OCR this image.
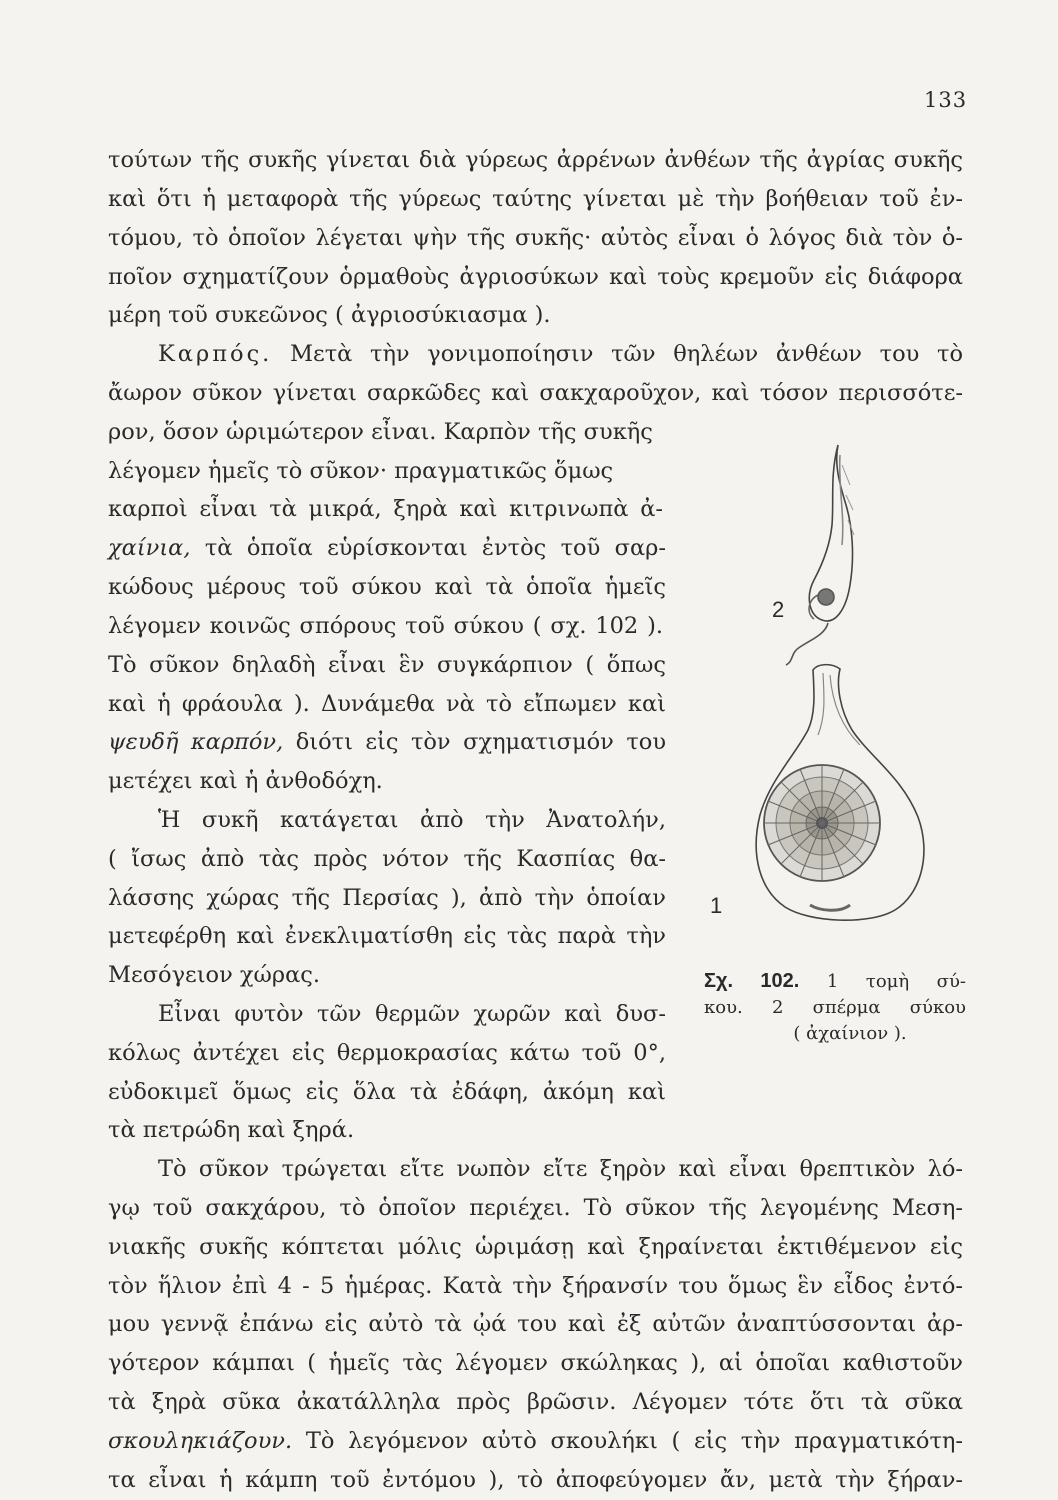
133
τούτων τῆς συκῆς γίνεται διὰ γύρεως ἀρρένων ἀνθέων τῆς ἀγρίας συκῆς
καὶ ὅτι ἡ μεταφορὰ τῆς γύρεως ταύτης γίνεται μὲ τὴν βοήθειαν τοῦ ἐν-
τόμου, τὸ ὁποῖον λέγεται ψὴν τῆς συκῆς· αὐτὸς εἶναι ὁ λόγος διὰ τὸν ὁ-
ποῖον σχηματίζουν ὁρμαθοὺς ἀγριοσύκων καὶ τοὺς κρεμοῦν εἰς διάφορα
μέρη τοῦ συκεῶνος ( ἀγριοσύκιασμα ).
Καρπός. Μετὰ τὴν γονιμοποίησιν τῶν θηλέων ἀνθέων του τὸ
ἄωρον σῦκον γίνεται σαρκῶδες καὶ σακχαροῦχον, καὶ τόσον περισσότε-
ρον, ὅσον ὡριμώτερον εἶναι. Καρπὸν τῆς συκῆς
λέγομεν ἡμεῖς τὸ σῦκον· πραγματικῶς ὅμως
καρποὶ εἶναι τὰ μικρά, ξηρὰ καὶ κιτρινωπὰ ἀ-
χαίνια, τὰ ὁποῖα εὑρίσκονται ἐντὸς τοῦ σαρ-
κώδους μέρους τοῦ σύκου καὶ τὰ ὁποῖα ἡμεῖς
λέγομεν κοινῶς σπόρους τοῦ σύκου ( σχ. 102 ).
Τὸ σῦκον δηλαδὴ εἶναι ἓν συγκάρπιον ( ὅπως
καὶ ἡ φράουλα ). Δυνάμεθα νὰ τὸ εἴπωμεν καὶ
ψευδῆ καρπόν, διότι εἰς τὸν σχηματισμόν του
μετέχει καὶ ἡ ἀνθοδόχη.
Ἡ συκῆ κατάγεται ἀπὸ τὴν Ἀνατολήν,
( ἴσως ἀπὸ τὰς πρὸς νότον τῆς Κασπίας θα-
λάσσης χώρας τῆς Περσίας ), ἀπὸ τὴν ὁποίαν
μετεφέρθη καὶ ἐνεκλιματίσθη εἰς τὰς παρὰ τὴν
Μεσόγειον χώρας.
Εἶναι φυτὸν τῶν θερμῶν χωρῶν καὶ δυσ-
κόλως ἀντέχει εἰς θερμοκρασίας κάτω τοῦ 0°,
εὐδοκιμεῖ ὅμως εἰς ὅλα τὰ ἐδάφη, ἀκόμη καὶ
τὰ πετρώδη καὶ ξηρά.
Τὸ σῦκον τρώγεται εἴτε νωπὸν εἴτε ξηρὸν καὶ εἶναι θρεπτικὸν λό-
γῳ τοῦ σακχάρου, τὸ ὁποῖον περιέχει. Τὸ σῦκον τῆς λεγομένης Μεση-
νιακῆς συκῆς κόπτεται μόλις ὡριμάσῃ καὶ ξηραίνεται ἐκτιθέμενον εἰς
τὸν ἥλιον ἐπὶ 4 - 5 ἡμέρας. Κατὰ τὴν ξήρανσίν του ὅμως ἓν εἶδος ἐντό-
μου γεννᾷ ἐπάνω εἰς αὐτὸ τὰ ᾠά του καὶ ἐξ αὐτῶν ἀναπτύσσονται ἀρ-
γότερον κάμπαι ( ἡμεῖς τὰς λέγομεν σκώληκας ), αἱ ὁποῖαι καθιστοῦν
τὰ ξηρὰ σῦκα ἀκατάλληλα πρὸς βρῶσιν. Λέγομεν τότε ὅτι τὰ σῦκα
σκουληκιάζουν. Τὸ λεγόμενον αὐτὸ σκουλήκι ( εἰς τὴν πραγματικότη-
τα εἶναι ἡ κάμπη τοῦ ἐντόμου ), τὸ ἀποφεύγομεν ἄν, μετὰ τὴν ξήραν-
2
1
Σχ. 102. 1 τομὴ σύ-
κου. 2 σπέρμα σύκου
( ἀχαίνιον ).
